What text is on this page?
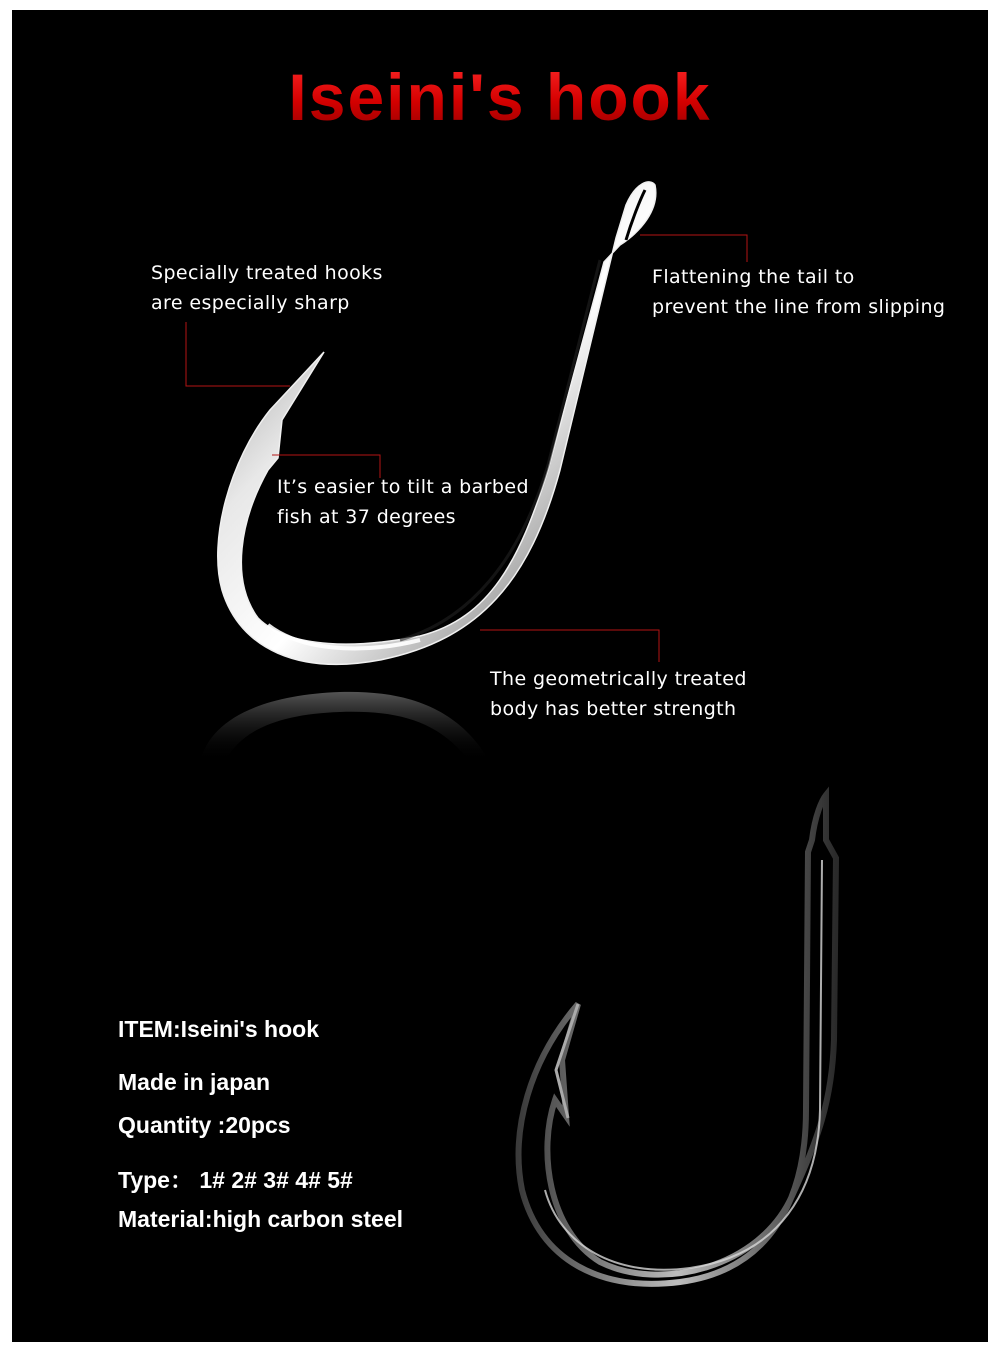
Iseini's hook
Specially treated hooks
are especially sharp
Flattening the tail to
prevent the line from slipping
It’s easier to tilt a barbed
fish at 37 degrees
The geometrically treated
body has better strength
ITEM:Iseini's hook
Made in japan
Quantity :20pcs
Type： 1# 2# 3# 4# 5#
Material:high carbon steel
